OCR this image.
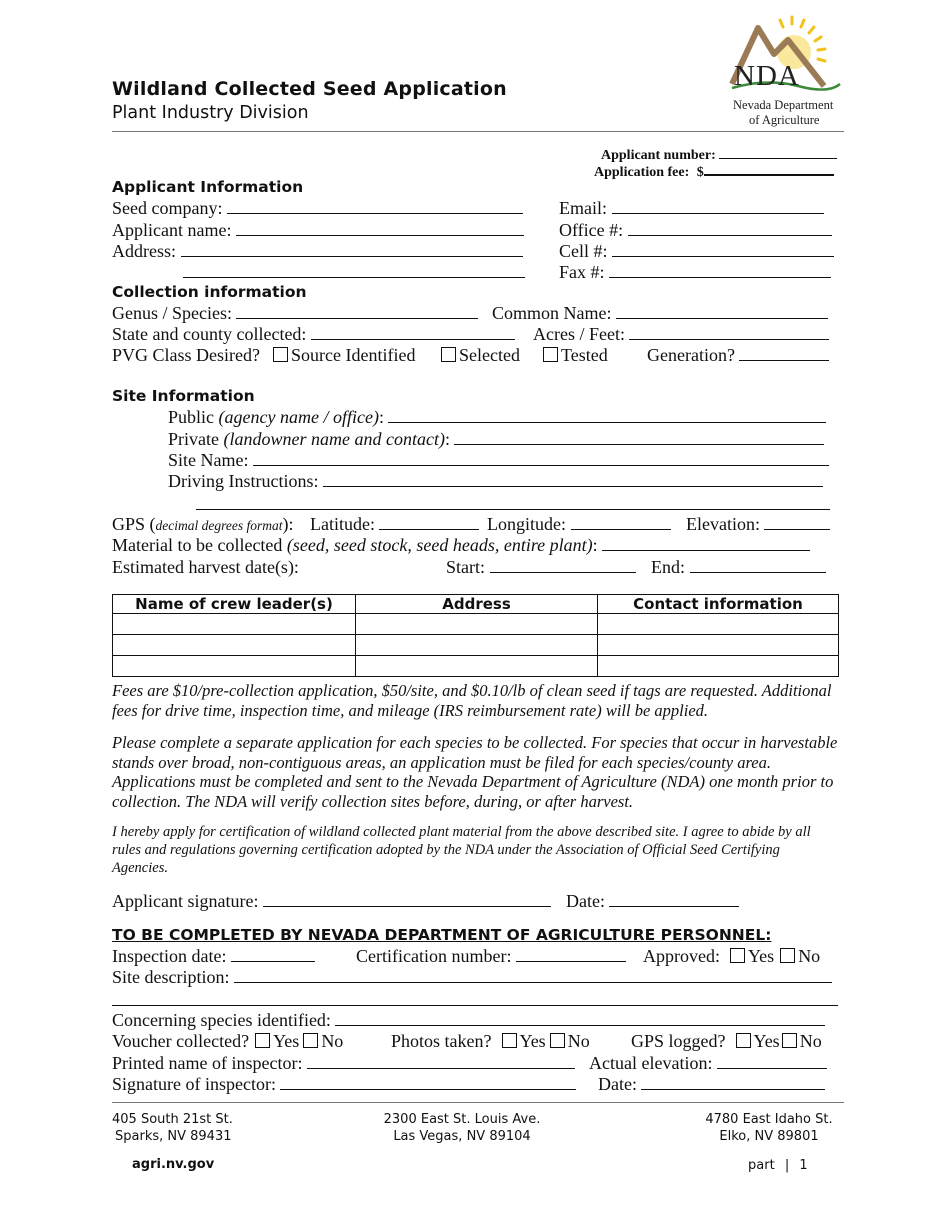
Wildland Collected Seed Application
Plant Industry Division
NDA
Nevada Department
of Agriculture
Applicant number:
Application fee: $
Applicant Information
Seed company:
Applicant name:
Address:
Email:
Office #:
Cell #:
Fax #:
Collection information
Genus / Species:	Common Name:
State and county collected:	Acres / Feet:
PVG Class Desired?	Source Identified	Selected	Tested Generation?
Site Information
Public (agency name / office):
Private (landowner name and contact):
Site Name:
Driving Instructions:
GPS (decimal degrees format): Latitude:	Longitude:	Elevation:
Material to be collected (seed, seed stock, seed heads, entire plant):
Estimated harvest date(s):	Start:	End:
Name of crew leader(s)	Address	Contact information

Fees are $10/pre-collection application, $50/site, and $0.10/lb of clean seed if tags are requested. Additional fees for drive time, inspection time, and mileage (IRS reimbursement rate) will be applied.
Please complete a separate application for each species to be collected. For species that occur in harvestable stands over broad, non-contiguous areas, an application must be filed for each species/county area. Applications must be completed and sent to the Nevada Department of Agriculture (NDA) one month prior to collection. The NDA will verify collection sites before, during, or after harvest.
I hereby apply for certification of wildland collected plant material from the above described site. I agree to abide by all rules and regulations governing certification adopted by the NDA under the Association of Official Seed Certifying Agencies.
Applicant signature:	Date:
TO BE COMPLETED BY NEVADA DEPARTMENT OF AGRICULTURE PERSONNEL:
Inspection date:	Certification number:	Approved: Yes No
Site description:
Concerning species identified:
Voucher collected? Yes No	Photos taken? Yes No GPS logged? Yes No
Printed name of inspector:	Actual elevation:
Signature of inspector:	Date:
405 South 21st St.
Sparks, NV 89431
2300 East St. Louis Ave.
Las Vegas, NV 89104
4780 East Idaho St.
Elko, NV 89801
agri.nv.gov	part | 1
